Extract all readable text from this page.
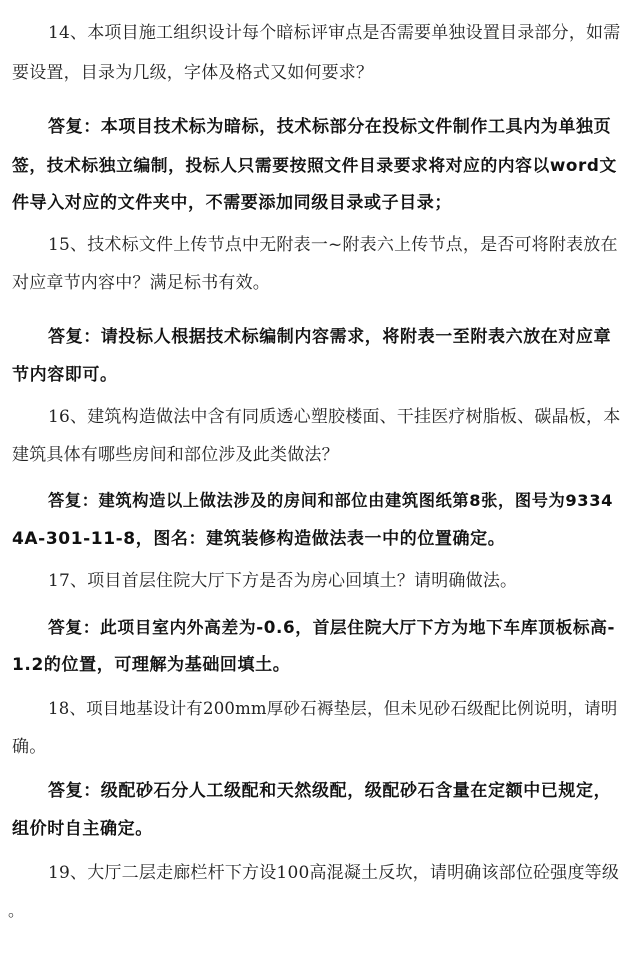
14、本项目施工组织设计每个暗标评审点是否需要单独设置目录部分，如需
要设置，目录为几级，字体及格式又如何要求？
答复：本项目技术标为暗标，技术标部分在投标文件制作工具内为单独页
签，技术标独立编制，投标人只需要按照文件目录要求将对应的内容以word文
件导入对应的文件夹中，不需要添加同级目录或子目录；
15、技术标文件上传节点中无附表一~附表六上传节点，是否可将附表放在
对应章节内容中？满足标书有效。
答复：请投标人根据技术标编制内容需求，将附表一至附表六放在对应章
节内容即可。
16、建筑构造做法中含有同质透心塑胶楼面、干挂医疗树脂板、碳晶板，本
建筑具体有哪些房间和部位涉及此类做法？
答复：建筑构造以上做法涉及的房间和部位由建筑图纸第8张，图号为9334
4A-301-11-8，图名：建筑装修构造做法表一中的位置确定。
17、项目首层住院大厅下方是否为房心回填土？请明确做法。
答复：此项目室内外高差为-0.6，首层住院大厅下方为地下车库顶板标高-
1.2的位置，可理解为基础回填土。
18、项目地基设计有200mm厚砂石褥垫层，但未见砂石级配比例说明，请明
确。
答复：级配砂石分人工级配和天然级配，级配砂石含量在定额中已规定，
组价时自主确定。
19、大厅二层走廊栏杆下方设100高混凝土反坎，请明确该部位砼强度等级
。
